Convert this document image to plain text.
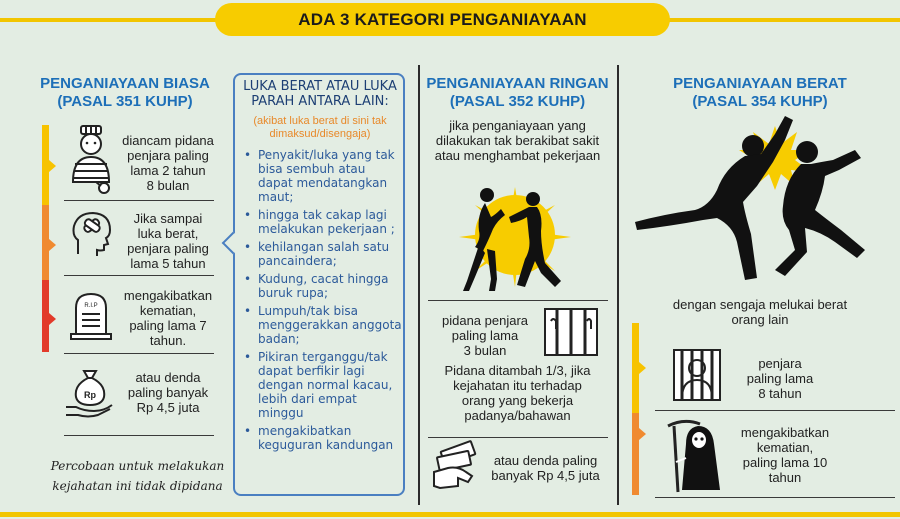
ADA 3 KATEGORI PENGANIAYAAN
PENGANIAYAAN BIASA
(PASAL 351 KUHP)
diancam pidana
penjara paling
lama 2 tahun
8 bulan
Jika sampai
luka berat,
penjara paling
lama 5 tahun
R.I.P
mengakibatkan
kematian,
paling lama 7
tahun.
Rp
atau denda
paling banyak
Rp 4,5 juta
Percobaan untuk melakukan
kejahatan ini tidak dipidana
LUKA BERAT ATAU LUKA
PARAH ANTARA LAIN:
(akibat luka berat di sini tak
dimaksud/disengaja)
• Penyakit/luka yang tak bisa sembuh atau dapat mendatangkan maut;
• hingga tak cakap lagi melakukan pekerjaan ;
• kehilangan salah satu pancaindera;
• Kudung, cacat hingga buruk rupa;
• Lumpuh/tak bisa menggerakkan anggota badan;
• Pikiran terganggu/tak dapat berfikir lagi dengan normal kacau, lebih dari empat minggu
• mengakibatkan keguguran kandungan
PENGANIAYAAN RINGAN
(PASAL 352 KUHP)
jika penganiayaan yang
dilakukan tak berakibat sakit
atau menghambat pekerjaan
pidana penjara
paling lama
3 bulan
Pidana ditambah 1/3, jika
kejahatan itu terhadap
orang yang bekerja
padanya/bahawan
atau denda paling
banyak Rp 4,5 juta
PENGANIAYAAN BERAT
(PASAL 354 KUHP)
dengan sengaja melukai berat
orang lain
penjara
paling lama
8 tahun
mengakibatkan
kematian,
paling lama 10
tahun
